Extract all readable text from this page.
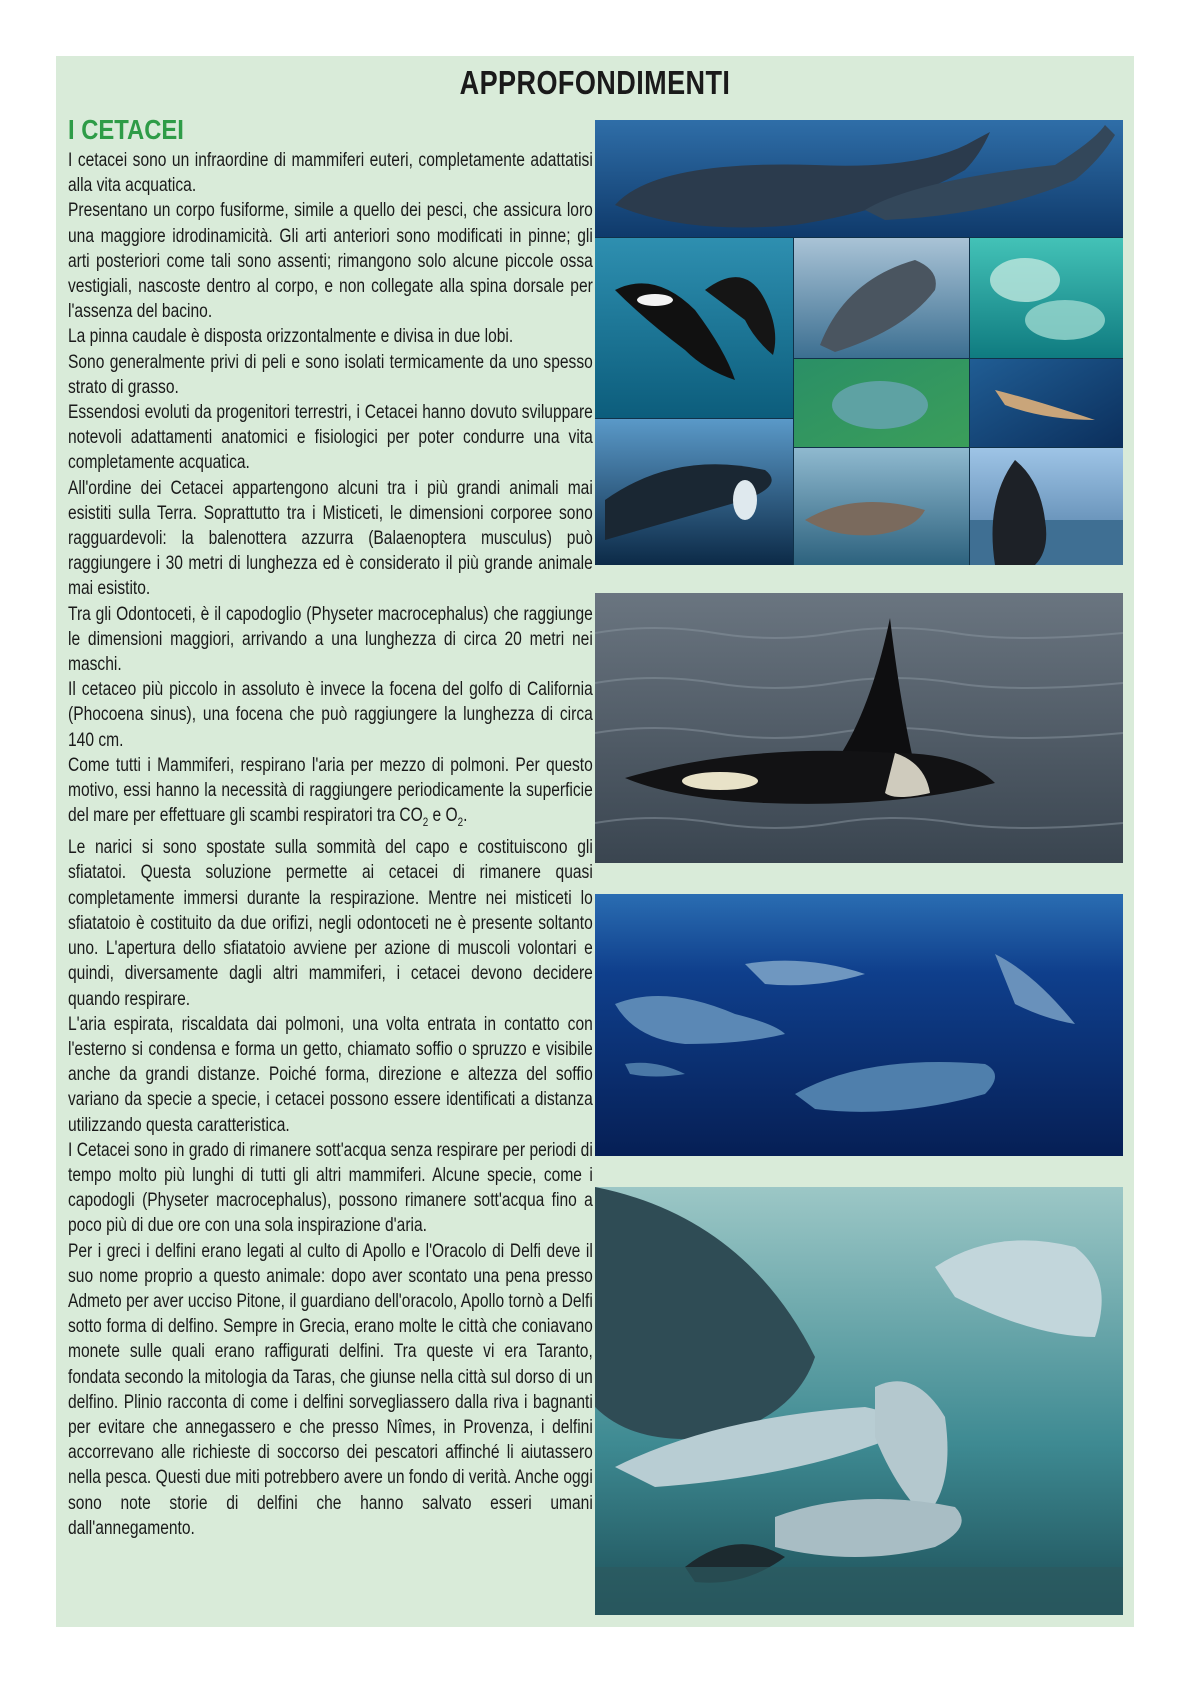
APPROFONDIMENTI
I CETACEI

I cetacei sono un infraordine di mammiferi euteri, completamente adattatisi alla vita acquatica.

Presentano un corpo fusiforme, simile a quello dei pesci, che assicura loro una maggiore idrodinamicità. Gli arti anteriori sono modificati in pinne; gli arti posteriori come tali sono assenti; rimangono solo alcune piccole ossa vestigiali, nascoste dentro al corpo, e non collegate alla spina dorsale per l'assenza del bacino.

La pinna caudale è disposta orizzontalmente e divisa in due lobi.

Sono generalmente privi di peli e sono isolati termicamente da uno spesso strato di grasso.

Essendosi evoluti da progenitori terrestri, i Cetacei hanno dovuto sviluppare notevoli adattamenti anatomici e fisiologici per poter condurre una vita completamente acquatica.

All'ordine dei Cetacei appartengono alcuni tra i più grandi animali mai esistiti sulla Terra. Soprattutto tra i Misticeti, le dimensioni corporee sono ragguardevoli: la balenottera azzurra (Balaenoptera musculus) può raggiungere i 30 metri di lunghezza ed è considerato il più grande animale mai esistito.

Tra gli Odontoceti, è il capodoglio (Physeter macrocephalus) che raggiunge le dimensioni maggiori, arrivando a una lunghezza di circa 20 metri nei maschi.

Il cetaceo più piccolo in assoluto è invece la focena del golfo di California (Phocoena sinus), una focena che può raggiungere la lunghezza di circa 140 cm.

Come tutti i Mammiferi, respirano l'aria per mezzo di polmoni. Per questo motivo, essi hanno la necessità di raggiungere periodicamente la superficie del mare per effettuare gli scambi respiratori tra $CO_2$ e $O_2$.

Le narici si sono spostate sulla sommità del capo e costituiscono gli sfiatatoi. Questa soluzione permette ai cetacei di rimanere quasi completamente immersi durante la respirazione. Mentre nei misticeti lo sfiatatoio è costituito da due orifizi, negli odontoceti ne è presente soltanto uno. L'apertura dello sfiatatoio avviene per azione di muscoli volontari e quindi, diversamente dagli altri mammiferi, i cetacei devono decidere quando respirare.

L'aria espirata, riscaldata dai polmoni, una volta entrata in contatto con l'esterno si condensa e forma un getto, chiamato soffio o spruzzo e visibile anche da grandi distanze. Poiché forma, direzione e altezza del soffio variano da specie a specie, i cetacei possono essere identificati a distanza utilizzando questa caratteristica.

I Cetacei sono in grado di rimanere sott'acqua senza respirare per periodi di tempo molto più lunghi di tutti gli altri mammiferi. Alcune specie, come i capodogli (Physeter macrocephalus), possono rimanere sott'acqua fino a poco più di due ore con una sola inspirazione d'aria.

Per i greci i delfini erano legati al culto di Apollo e l'Oracolo di Delfi deve il suo nome proprio a questo animale: dopo aver scontato una pena presso Admeto per aver ucciso Pitone, il guardiano dell'oracolo, Apollo tornò a Delfi sotto forma di delfino. Sempre in Grecia, erano molte le città che coniavano monete sulle quali erano raffigurati delfini. Tra queste vi era Taranto, fondata secondo la mitologia da Taras, che giunse nella città sul dorso di un delfino. Plinio racconta di come i delfini sorvegliassero dalla riva i bagnanti per evitare che annegassero e che presso Nîmes, in Provenza, i delfini accorrevano alle richieste di soccorso dei pescatori affinché li aiutassero nella pesca. Questi due miti potrebbero avere un fondo di verità. Anche oggi sono note storie di delfini che hanno salvato esseri umani dall'annegamento.
